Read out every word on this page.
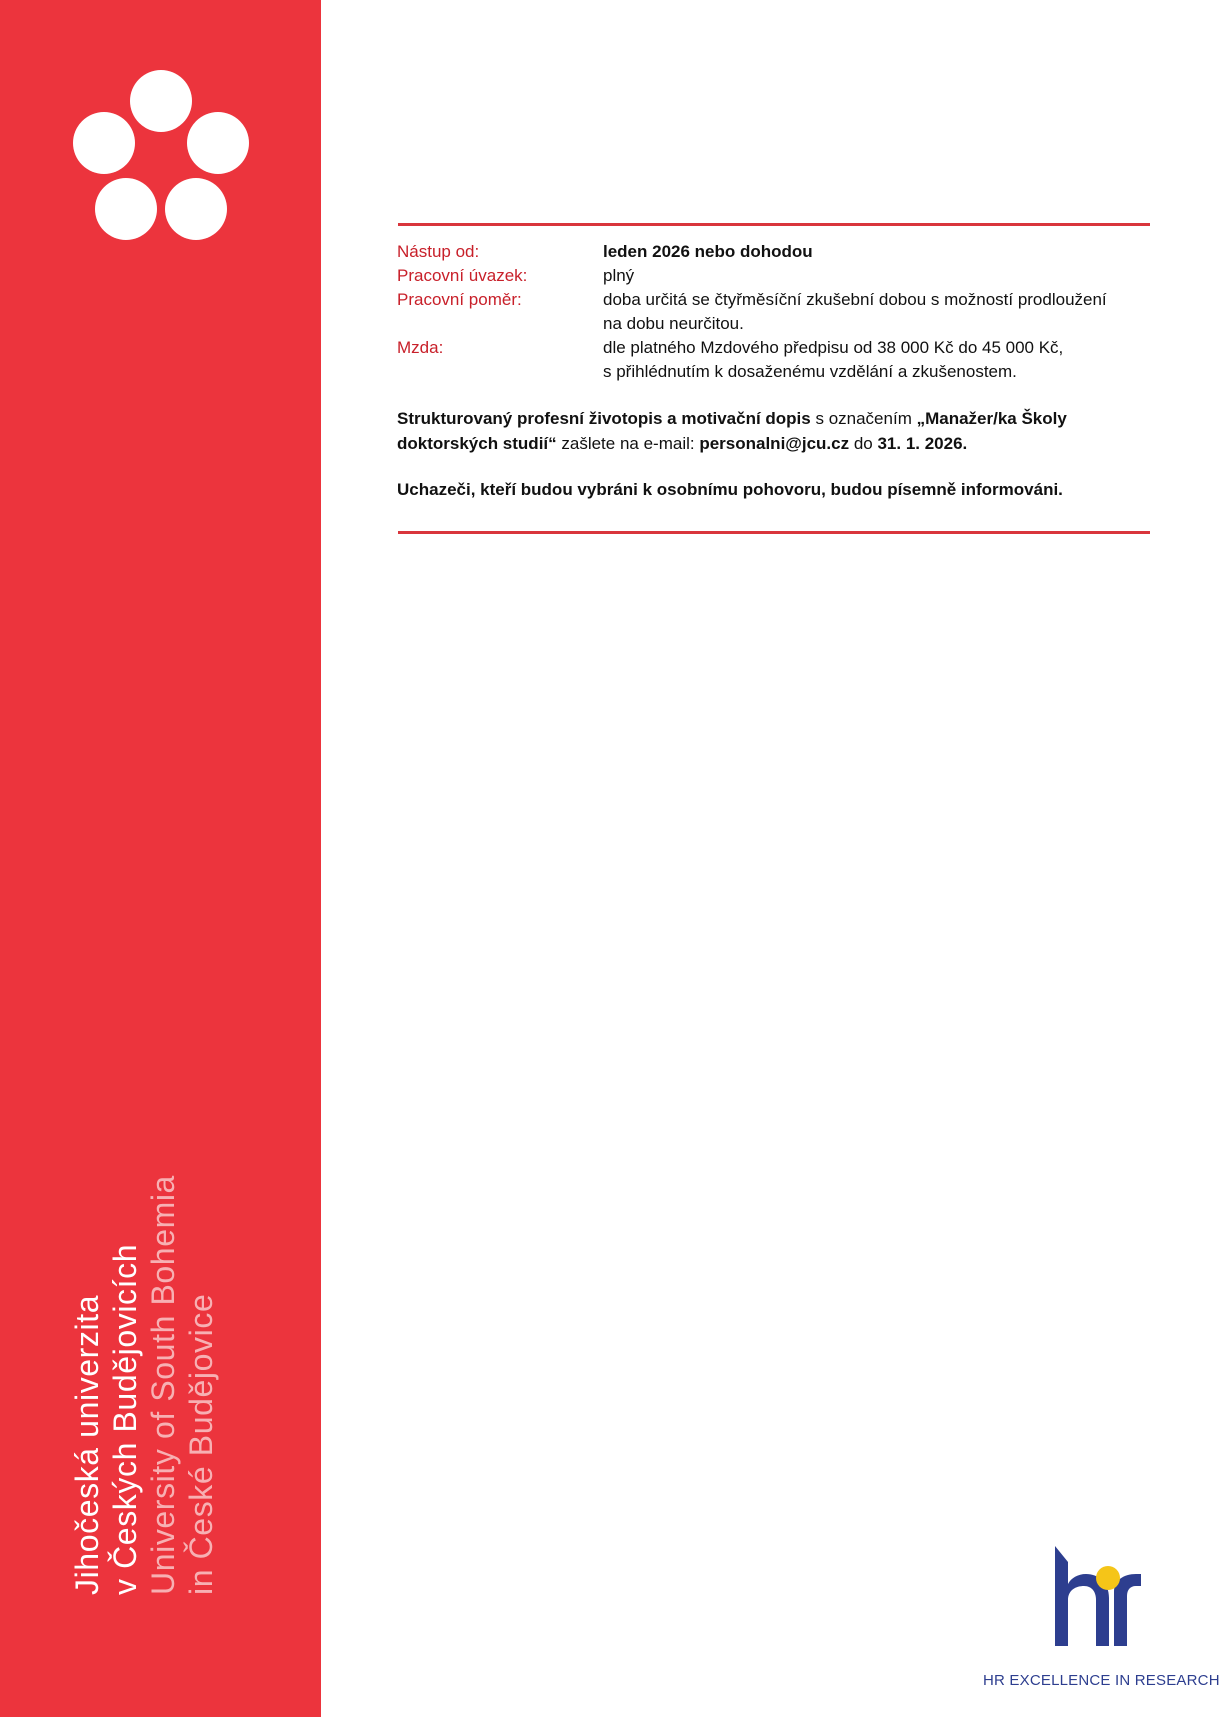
Jihočeská univerzita v Českých Budějovicích University of South Bohemia in České Budějovice
Nástup od:	leden 2026 nebo dohodou
Pracovní úvazek:	plný
Pracovní poměr:	doba určitá se čtyřměsíční zkušební dobou s možností prodloužení
na dobu neurčitou.
Mzda:	dle platného Mzdového předpisu od 38 000 Kč do 45 000 Kč,
s přihlédnutím k dosaženému vzdělání a zkušenostem.
Strukturovaný profesní životopis a motivační dopis s označením „Manažer/ka Školy doktorských studií“ zašlete na e-mail: personalni@jcu.cz do 31. 1. 2026.
Uchazeči, kteří budou vybráni k osobnímu pohovoru, budou písemně informováni.
HR EXCELLENCE IN RESEARCH
